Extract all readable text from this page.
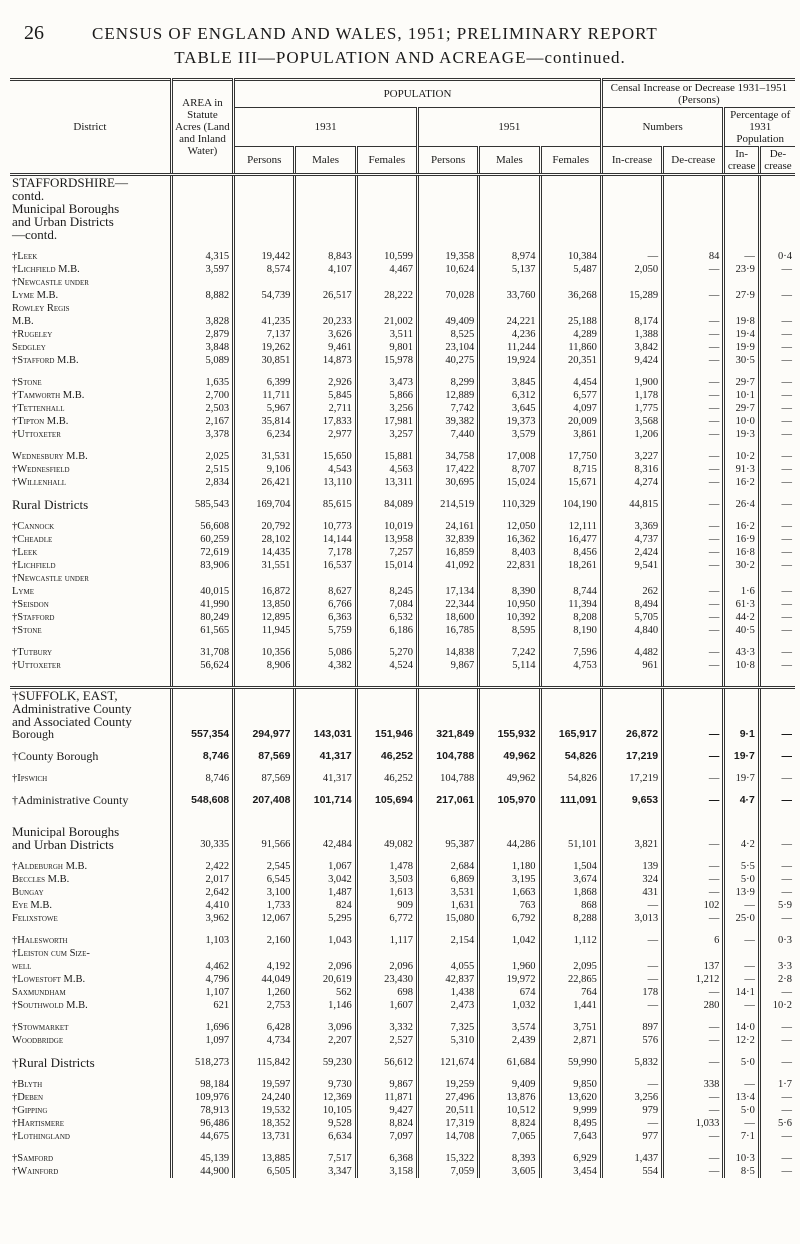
26	CENSUS OF ENGLAND AND WALES, 1951; PRELIMINARY REPORT
TABLE III—POPULATION AND ACREAGE—continued.
District	AREA in Statute Acres (Land and Inland Water)	POPULATION						Censal Increase or Decrease 1931–1951 (Persons)			
		1931			1951			Numbers		Percentage of 1931 Population	
		Persons	Males	Females	Persons	Males	Females	In-crease	De-crease	In-crease	De-crease
STAFFORDSHIRE—											
contd.											
Municipal Boroughs											
and Urban Districts											
—contd.											

†Leek	4,315	19,442	8,843	10,599	19,358	8,974	10,384	—	84	—	0·4
†Lichfield M.B.	3,597	8,574	4,107	4,467	10,624	5,137	5,487	2,050	—	23·9	—
†Newcastle under											
Lyme M.B.	8,882	54,739	26,517	28,222	70,028	33,760	36,268	15,289	—	27·9	—
Rowley Regis											
M.B.	3,828	41,235	20,233	21,002	49,409	24,221	25,188	8,174	—	19·8	—
†Rugeley	2,879	7,137	3,626	3,511	8,525	4,236	4,289	1,388	—	19·4	—
Sedgley	3,848	19,262	9,461	9,801	23,104	11,244	11,860	3,842	—	19·9	—
†Stafford M.B.	5,089	30,851	14,873	15,978	40,275	19,924	20,351	9,424	—	30·5	—

†Stone	1,635	6,399	2,926	3,473	8,299	3,845	4,454	1,900	—	29·7	—
†Tamworth M.B.	2,700	11,711	5,845	5,866	12,889	6,312	6,577	1,178	—	10·1	—
†Tettenhall	2,503	5,967	2,711	3,256	7,742	3,645	4,097	1,775	—	29·7	—
†Tipton M.B.	2,167	35,814	17,833	17,981	39,382	19,373	20,009	3,568	—	10·0	—
†Uttoxeter	3,378	6,234	2,977	3,257	7,440	3,579	3,861	1,206	—	19·3	—

Wednesbury M.B.	2,025	31,531	15,650	15,881	34,758	17,008	17,750	3,227	—	10·2	—
†Wednesfield	2,515	9,106	4,543	4,563	17,422	8,707	8,715	8,316	—	91·3	—
†Willenhall	2,834	26,421	13,110	13,311	30,695	15,024	15,671	4,274	—	16·2	—

Rural Districts	585,543	169,704	85,615	84,089	214,519	110,329	104,190	44,815	—	26·4	—

†Cannock	56,608	20,792	10,773	10,019	24,161	12,050	12,111	3,369	—	16·2	—
†Cheadle	60,259	28,102	14,144	13,958	32,839	16,362	16,477	4,737	—	16·9	—
†Leek	72,619	14,435	7,178	7,257	16,859	8,403	8,456	2,424	—	16·8	—
†Lichfield	83,906	31,551	16,537	15,014	41,092	22,831	18,261	9,541	—	30·2	—
†Newcastle under											
Lyme	40,015	16,872	8,627	8,245	17,134	8,390	8,744	262	—	1·6	—
†Seisdon	41,990	13,850	6,766	7,084	22,344	10,950	11,394	8,494	—	61·3	—
†Stafford	80,249	12,895	6,363	6,532	18,600	10,392	8,208	5,705	—	44·2	—
†Stone	61,565	11,945	5,759	6,186	16,785	8,595	8,190	4,840	—	40·5	—

†Tutbury	31,708	10,356	5,086	5,270	14,838	7,242	7,596	4,482	—	43·3	—
†Uttoxeter	56,624	8,906	4,382	4,524	9,867	5,114	4,753	961	—	10·8	—

†SUFFOLK, EAST,											
Administrative County											
and Associated County											
Borough	557,354	294,977	143,031	151,946	321,849	155,932	165,917	26,872	—	9·1	—

†County Borough	8,746	87,569	41,317	46,252	104,788	49,962	54,826	17,219	—	19·7	—

†Ipswich	8,746	87,569	41,317	46,252	104,788	49,962	54,826	17,219	—	19·7	—

†Administrative County	548,608	207,408	101,714	105,694	217,061	105,970	111,091	9,653	—	4·7	—

Municipal Boroughs											
and Urban Districts	30,335	91,566	42,484	49,082	95,387	44,286	51,101	3,821	—	4·2	—

†Aldeburgh M.B.	2,422	2,545	1,067	1,478	2,684	1,180	1,504	139	—	5·5	—
Beccles M.B.	2,017	6,545	3,042	3,503	6,869	3,195	3,674	324	—	5·0	—
Bungay	2,642	3,100	1,487	1,613	3,531	1,663	1,868	431	—	13·9	—
Eye M.B.	4,410	1,733	824	909	1,631	763	868	—	102	—	5·9
Felixstowe	3,962	12,067	5,295	6,772	15,080	6,792	8,288	3,013	—	25·0	—

†Halesworth	1,103	2,160	1,043	1,117	2,154	1,042	1,112	—	6	—	0·3
†Leiston cum Size-											
well	4,462	4,192	2,096	2,096	4,055	1,960	2,095	—	137	—	3·3
†Lowestoft M.B.	4,796	44,049	20,619	23,430	42,837	19,972	22,865	—	1,212	—	2·8
Saxmundham	1,107	1,260	562	698	1,438	674	764	178	—	14·1	—
†Southwold M.B.	621	2,753	1,146	1,607	2,473	1,032	1,441	—	280	—	10·2

†Stowmarket	1,696	6,428	3,096	3,332	7,325	3,574	3,751	897	—	14·0	—
Woodbridge	1,097	4,734	2,207	2,527	5,310	2,439	2,871	576	—	12·2	—

†Rural Districts	518,273	115,842	59,230	56,612	121,674	61,684	59,990	5,832	—	5·0	—

†Blyth	98,184	19,597	9,730	9,867	19,259	9,409	9,850	—	338	—	1·7
†Deben	109,976	24,240	12,369	11,871	27,496	13,876	13,620	3,256	—	13·4	—
†Gipping	78,913	19,532	10,105	9,427	20,511	10,512	9,999	979	—	5·0	—
†Hartismere	96,486	18,352	9,528	8,824	17,319	8,824	8,495	—	1,033	—	5·6
†Lothingland	44,675	13,731	6,634	7,097	14,708	7,065	7,643	977	—	7·1	—

†Samford	45,139	13,885	7,517	6,368	15,322	8,393	6,929	1,437	—	10·3	—
†Wainford	44,900	6,505	3,347	3,158	7,059	3,605	3,454	554	—	8·5	—
